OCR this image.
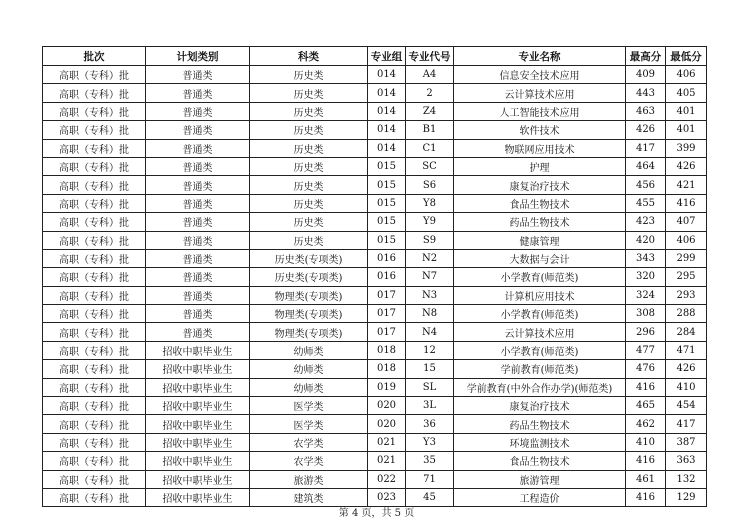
批次	计划类别	科类	专业组	专业代号	专业名称	最高分	最低分
高职（专科）批	普通类	历史类	014	A4	信息安全技术应用	409	406
高职（专科）批	普通类	历史类	014	2	云计算技术应用	443	405
高职（专科）批	普通类	历史类	014	Z4	人工智能技术应用	463	401
高职（专科）批	普通类	历史类	014	B1	软件技术	426	401
高职（专科）批	普通类	历史类	014	C1	物联网应用技术	417	399
高职（专科）批	普通类	历史类	015	SC	护理	464	426
高职（专科）批	普通类	历史类	015	S6	康复治疗技术	456	421
高职（专科）批	普通类	历史类	015	Y8	食品生物技术	455	416
高职（专科）批	普通类	历史类	015	Y9	药品生物技术	423	407
高职（专科）批	普通类	历史类	015	S9	健康管理	420	406
高职（专科）批	普通类	历史类(专项类)	016	N2	大数据与会计	343	299
高职（专科）批	普通类	历史类(专项类)	016	N7	小学教育(师范类)	320	295
高职（专科）批	普通类	物理类(专项类)	017	N3	计算机应用技术	324	293
高职（专科）批	普通类	物理类(专项类)	017	N8	小学教育(师范类)	308	288
高职（专科）批	普通类	物理类(专项类)	017	N4	云计算技术应用	296	284
高职（专科）批	招收中职毕业生	幼师类	018	12	小学教育(师范类)	477	471
高职（专科）批	招收中职毕业生	幼师类	018	15	学前教育(师范类)	476	426
高职（专科）批	招收中职毕业生	幼师类	019	SL	学前教育(中外合作办学)(师范类)	416	410
高职（专科）批	招收中职毕业生	医学类	020	3L	康复治疗技术	465	454
高职（专科）批	招收中职毕业生	医学类	020	36	药品生物技术	462	417
高职（专科）批	招收中职毕业生	农学类	021	Y3	环境监测技术	410	387
高职（专科）批	招收中职毕业生	农学类	021	35	食品生物技术	416	363
高职（专科）批	招收中职毕业生	旅游类	022	71	旅游管理	461	132
高职（专科）批	招收中职毕业生	建筑类	023	45	工程造价	416	129
第 4 页，共 5 页
